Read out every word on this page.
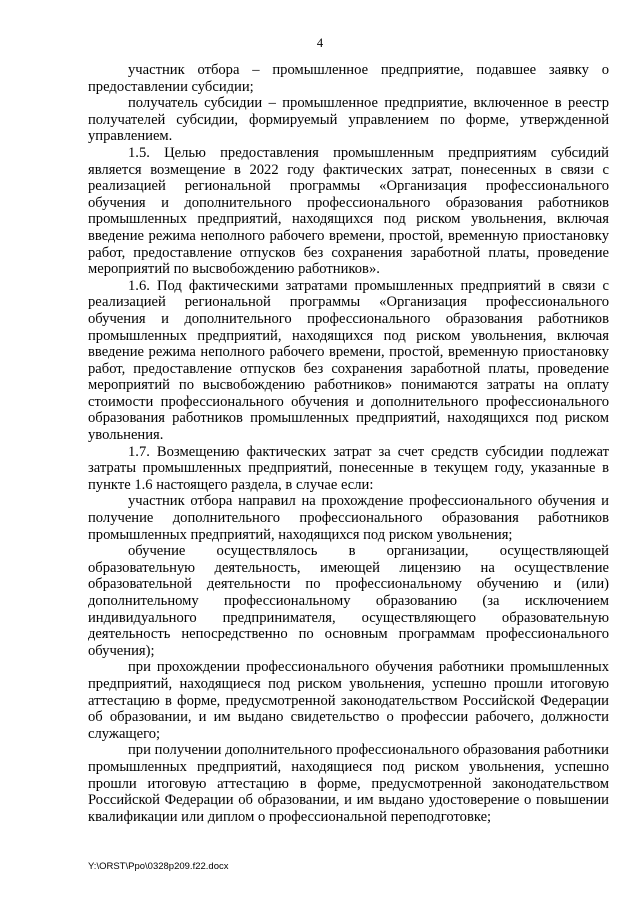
4

участник отбора – промышленное предприятие, подавшее заявку о предоставлении субсидии;

получатель субсидии – промышленное предприятие, включенное в реестр получателей субсидии, формируемый управлением по форме, утвержденной управлением.

1.5. Целью предоставления промышленным предприятиям субсидий является возмещение в 2022 году фактических затрат, понесенных в связи с реализацией региональной программы «Организация профессионального обучения и дополнительного профессионального образования работников промышленных предприятий, находящихся под риском увольнения, включая введение режима неполного рабочего времени, простой, временную приостановку работ, предоставление отпусков без сохранения заработной платы, проведение мероприятий по высвобождению работников».

1.6. Под фактическими затратами промышленных предприятий в связи с реализацией региональной программы «Организация профессионального обучения и дополнительного профессионального образования работников промышленных предприятий, находящихся под риском увольнения, включая введение режима неполного рабочего времени, простой, временную приостановку работ, предоставление отпусков без сохранения заработной платы, проведение мероприятий по высвобождению работников» понимаются затраты на оплату стоимости профессионального обучения и дополнительного профессионального образования работников промышленных предприятий, находящихся под риском увольнения.

1.7. Возмещению фактических затрат за счет средств субсидии подлежат затраты промышленных предприятий, понесенные в текущем году, указанные в пункте 1.6 настоящего раздела, в случае если:

участник отбора направил на прохождение профессионального обучения и получение дополнительного профессионального образования работников промышленных предприятий, находящихся под риском увольнения;

обучение осуществлялось в организации, осуществляющей образовательную деятельность, имеющей лицензию на осуществление образовательной деятельности по профессиональному обучению и (или) дополнительному профессиональному образованию (за исключением индивидуального предпринимателя, осуществляющего образовательную деятельность непосредственно по основным программам профессионального обучения);

при прохождении профессионального обучения работники промышленных предприятий, находящиеся под риском увольнения, успешно прошли итоговую аттестацию в форме, предусмотренной законодательством Российской Федерации об образовании, и им выдано свидетельство о профессии рабочего, должности служащего;

при получении дополнительного профессионального образования работники промышленных предприятий, находящиеся под риском увольнения, успешно прошли итоговую аттестацию в форме, предусмотренной законодательством Российской Федерации об образовании, и им выдано удостоверение о повышении квалификации или диплом о профессиональной переподготовке;

Y:\ORST\Ppo\0328p209.f22.docx
